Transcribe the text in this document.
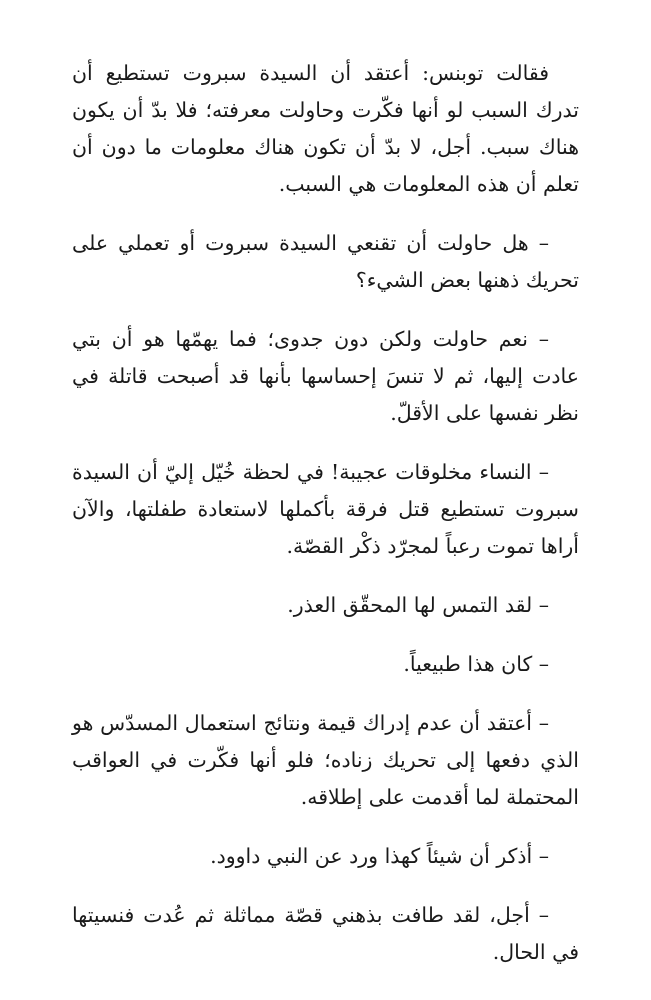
فقالت توبنس: أعتقد أن السيدة سبروت تستطيع أن تدرك السبب لو أنها فكّرت وحاولت معرفته؛ فلا بدّ أن يكون هناك سبب. أجل، لا بدّ أن تكون هناك معلومات ما دون أن تعلم أن هذه المعلومات هي السبب.

– هل حاولت أن تقنعي السيدة سبروت أو تعملي على تحريك ذهنها بعض الشيء؟

– نعم حاولت ولكن دون جدوى؛ فما يهمّها هو أن بتي عادت إليها، ثم لا تنسَ إحساسها بأنها قد أصبحت قاتلة في نظر نفسها على الأقلّ.

– النساء مخلوقات عجيبة! في لحظة خُيّل إليّ أن السيدة سبروت تستطيع قتل فرقة بأكملها لاستعادة طفلتها، والآن أراها تموت رعباً لمجرّد ذكْر القصّة.

– لقد التمس لها المحقّق العذر.

– كان هذا طبيعياً.

– أعتقد أن عدم إدراك قيمة ونتائج استعمال المسدّس هو الذي دفعها إلى تحريك زناده؛ فلو أنها فكّرت في العواقب المحتملة لما أقدمت على إطلاقه.

– أذكر أن شيئاً كهذا ورد عن النبي داوود.

– أجل، لقد طافت بذهني قصّة مماثلة ثم عُدت فنسيتها في الحال.
